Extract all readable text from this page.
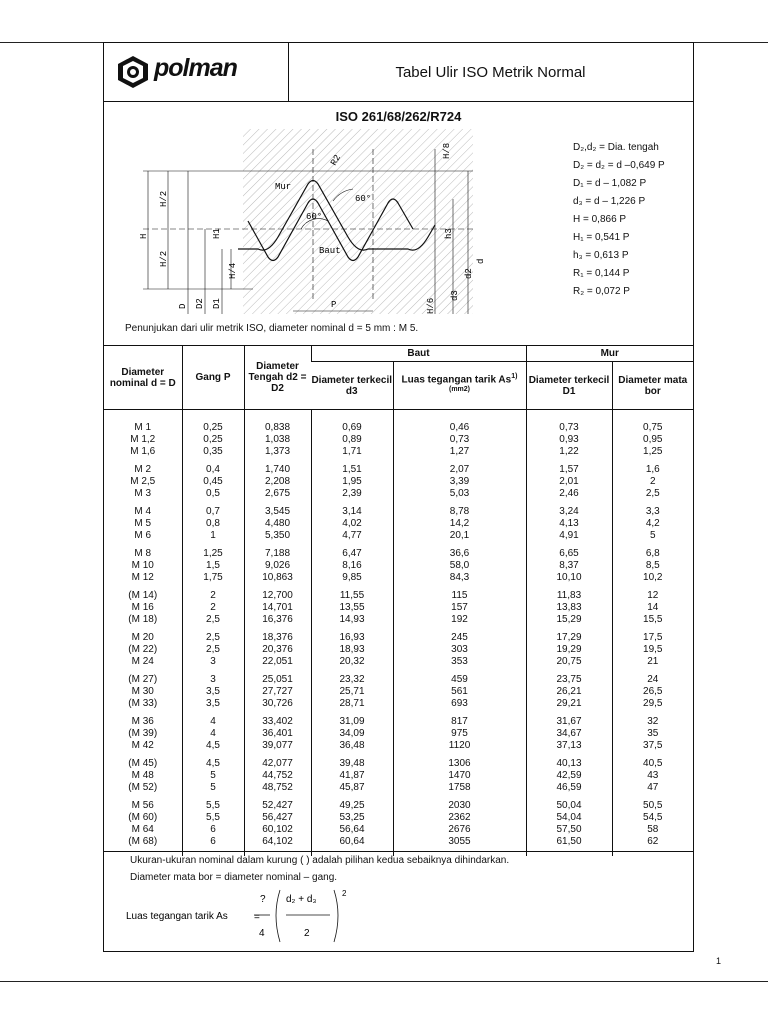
polman	Tabel Ulir ISO Metrik Normal
ISO 261/68/262/R724
Mur
Baut
60°
60°
R2
H/8
H/2
H/2
H	H1
H/4
H/6
h3
d2
d3
d
D D2 D1	P
D₂,d₂ = Dia. tengah
D₂ = d₂ = d –0,649 P
D₁ = d – 1,082 P
d₃ = d – 1,226 P
H = 0,866 P
H₁ = 0,541 P
h₃ = 0,613 P
R₁ = 0,144 P
R₂ = 0,072 P
Penunjukan dari ulir metrik ISO, diameter nominal d = 5 mm : M 5.
Diameter nominal d = D	Gang P	Diameter Tengah d2 = D2	Baut		Mur	
			Diameter terkecil d3	Luas tegangan tarik $As^{1)(mm2)}$	Diameter terkecil D1	Diameter mata bor
M 1	0,25	0,838	0,69	0,46	0,73	0,75
M 1,2	0,25	1,038	0,89	0,73	0,93	0,95
M 1,6	0,35	1,373	1,71	1,27	1,22	1,25
M 2	0,4	1,740	1,51	2,07	1,57	1,6
M 2,5	0,45	2,208	1,95	3,39	2,01	2
M 3	0,5	2,675	2,39	5,03	2,46	2,5
M 4	0,7	3,545	3,14	8,78	3,24	3,3
M 5	0,8	4,480	4,02	14,2	4,13	4,2
M 6	1	5,350	4,77	20,1	4,91	5
M 8	1,25	7,188	6,47	36,6	6,65	6,8
M 10	1,5	9,026	8,16	58,0	8,37	8,5
M 12	1,75	10,863	9,85	84,3	10,10	10,2
(M 14)	2	12,700	11,55	115	11,83	12
M 16	2	14,701	13,55	157	13,83	14
(M 18)	2,5	16,376	14,93	192	15,29	15,5
M 20	2,5	18,376	16,93	245	17,29	17,5
(M 22)	2,5	20,376	18,93	303	19,29	19,5
M 24	3	22,051	20,32	353	20,75	21
(M 27)	3	25,051	23,32	459	23,75	24
M 30	3,5	27,727	25,71	561	26,21	26,5
(M 33)	3,5	30,726	28,71	693	29,21	29,5
M 36	4	33,402	31,09	817	31,67	32
(M 39)	4	36,401	34,09	975	34,67	35
M 42	4,5	39,077	36,48	1120	37,13	37,5
(M 45)	4,5	42,077	39,48	1306	40,13	40,5
M 48	5	44,752	41,87	1470	42,59	43
(M 52)	5	48,752	45,87	1758	46,59	47
M 56	5,5	52,427	49,25	2030	50,04	50,5
(M 60)	5,5	56,427	53,25	2362	54,04	54,5
M 64	6	60,102	56,64	2676	57,50	58
(M 68)	6	64,102	60,64	3055	61,50	62
Ukuran-ukuran nominal dalam kurung ( ) adalah pilihan kedua sebaiknya dihindarkan.
Diameter mata bor = diameter nominal – gang.
Luas tegangan tarik As	=
?
4
d₂ + d₃
2
2
1
